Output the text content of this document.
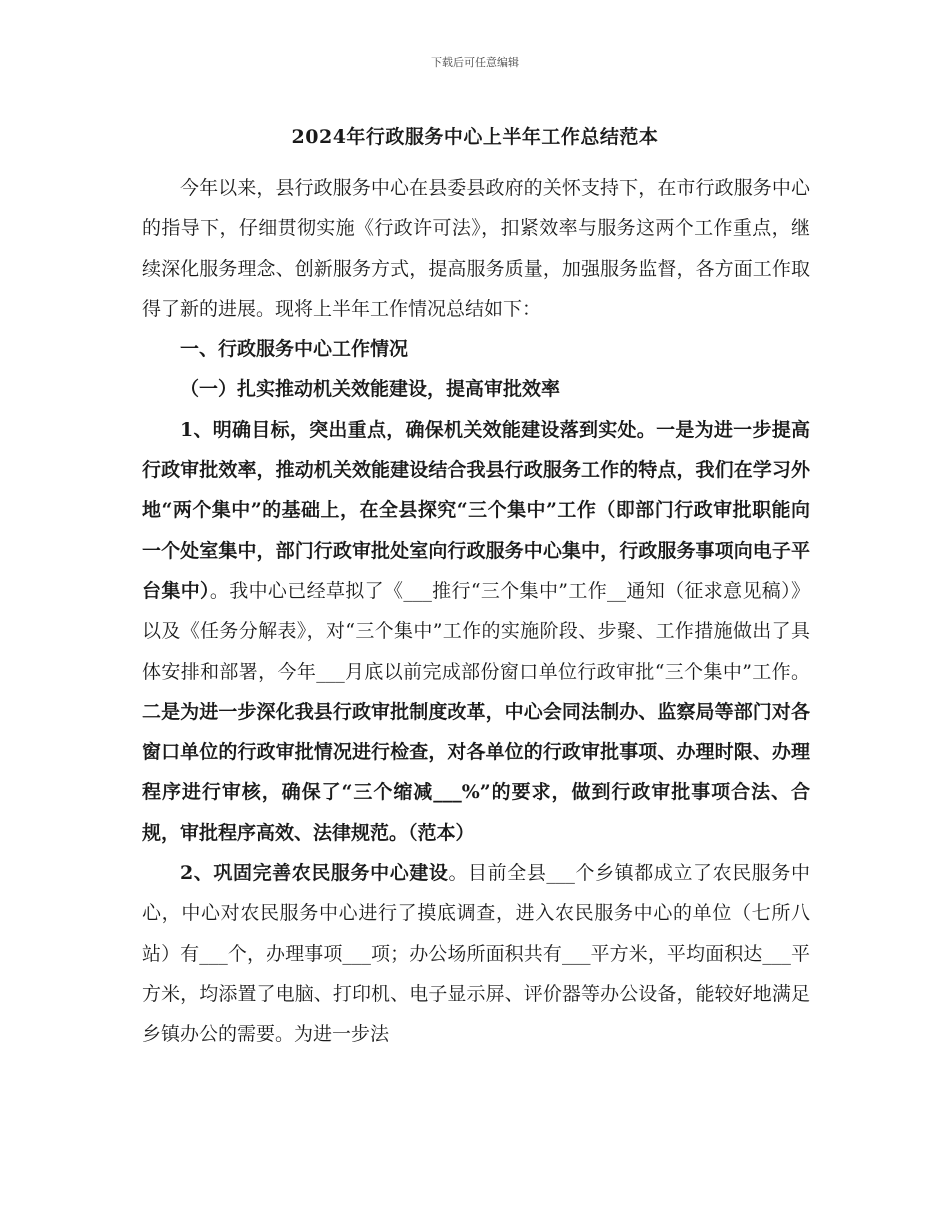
下载后可任意编辑
2024年行政服务中心上半年工作总结范本

今年以来，县行政服务中心在县委县政府的关怀支持下，在市行政服务中心的指导下，仔细贯彻实施《行政许可法》，扣紧效率与服务这两个工作重点，继续深化服务理念、创新服务方式，提高服务质量，加强服务监督，各方面工作取得了新的进展。现将上半年工作情况总结如下：

一、行政服务中心工作情况

（一）扎实推动机关效能建设，提高审批效率

1、明确目标，突出重点，确保机关效能建设落到实处。一是为进一步提高行政审批效率，推动机关效能建设结合我县行政服务工作的特点，我们在学习外地“两个集中”的基础上，在全县探究“三个集中”工作（即部门行政审批职能向一个处室集中，部门行政审批处室向行政服务中心集中，行政服务事项向电子平台集中）。我中心已经草拟了《___推行“三个集中”工作__通知（征求意见稿）》以及《任务分解表》，对“三个集中”工作的实施阶段、步聚、工作措施做出了具体安排和部署，今年___月底以前完成部份窗口单位行政审批“三个集中”工作。二是为进一步深化我县行政审批制度改革，中心会同法制办、监察局等部门对各窗口单位的行政审批情况进行检查，对各单位的行政审批事项、办理时限、办理程序进行审核，确保了“三个缩减___%”的要求，做到行政审批事项合法、合规，审批程序高效、法律规范。（范本）

2、巩固完善农民服务中心建设。目前全县___个乡镇都成立了农民服务中心，中心对农民服务中心进行了摸底调查，进入农民服务中心的单位（七所八站）有___个，办理事项___项；办公场所面积共有___平方米，平均面积达___平方米，均添置了电脑、打印机、电子显示屏、评价器等办公设备，能较好地满足乡镇办公的需要。为进一步法
